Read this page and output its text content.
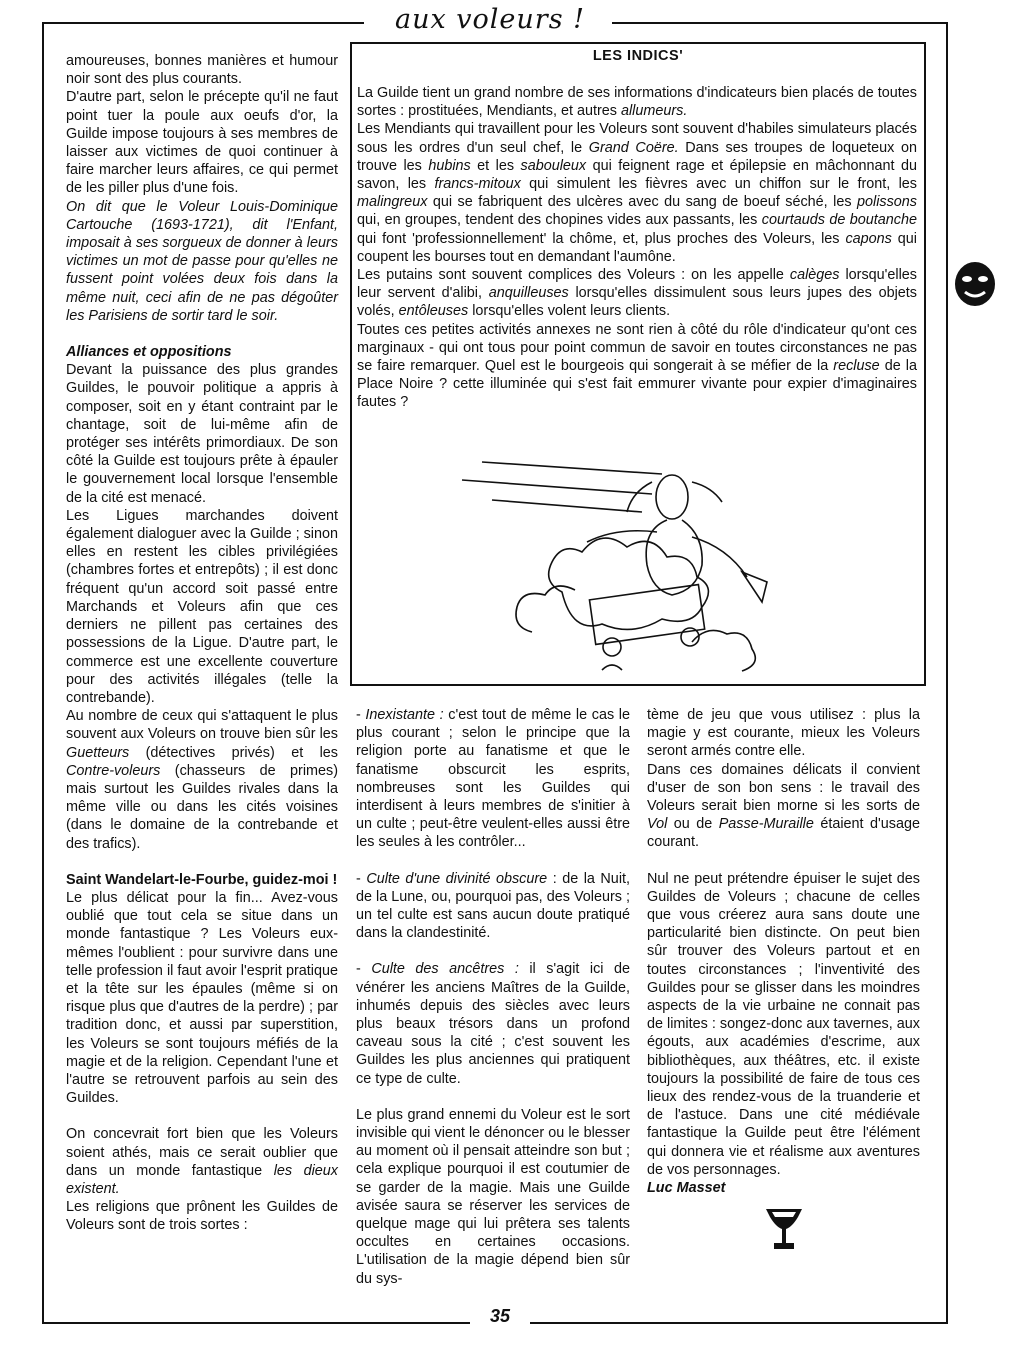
aux voleurs !
35

amoureuses, bonnes manières et humour noir sont des plus courants.

D'autre part, selon le précepte qu'il ne faut point tuer la poule aux oeufs d'or, la Guilde impose toujours à ses membres de laisser aux victimes de quoi continuer à faire marcher leurs affaires, ce qui permet de les piller plus d'une fois.

On dit que le Voleur Louis-Dominique Cartouche (1693-1721), dit l'Enfant, imposait à ses sorgueux de donner à leurs victimes un mot de passe pour qu'elles ne fussent point volées deux fois dans la même nuit, ceci afin de ne pas dégoûter les Parisiens de sortir tard le soir.

Alliances et oppositions

Devant la puissance des plus grandes Guildes, le pouvoir politique a appris à composer, soit en y étant contraint par le chantage, soit de lui-même afin de protéger ses intérêts primordiaux. De son côté la Guilde est toujours prête à épauler le gouvernement local lorsque l'ensemble de la cité est menacé.

Les Ligues marchandes doivent également dialoguer avec la Guilde ; sinon elles en restent les cibles privilégiées (chambres fortes et entrepôts) ; il est donc fréquent qu'un accord soit passé entre Marchands et Voleurs afin que ces derniers ne pillent pas certaines des possessions de la Ligue. D'autre part, le commerce est une excellente couverture pour des activités illégales (telle la contrebande).

Au nombre de ceux qui s'attaquent le plus souvent aux Voleurs on trouve bien sûr les Guetteurs (détectives privés) et les Contre-voleurs (chasseurs de primes) mais surtout les Guildes rivales dans la même ville ou dans les cités voisines (dans le domaine de la contrebande et des trafics).

Saint Wandelart-le-Fourbe, guidez-moi !

Le plus délicat pour la fin... Avez-vous oublié que tout cela se situe dans un monde fantastique ? Les Voleurs eux-mêmes l'oublient : pour survivre dans une telle profession il faut avoir l'esprit pratique et la tête sur les épaules (même si on risque plus que d'autres de la perdre) ; par tradition donc, et aussi par superstition, les Voleurs se sont toujours méfiés de la magie et de la religion. Cependant l'une et l'autre se retrouvent parfois au sein des Guildes.

On concevrait fort bien que les Voleurs soient athés, mais ce serait oublier que dans un monde fantastique les dieux existent.

Les religions que prônent les Guildes de Voleurs sont de trois sortes :

LES INDICS'

La Guilde tient un grand nombre de ses informations d'indicateurs bien placés de toutes sortes : prostituées, Mendiants, et autres allumeurs.

Les Mendiants qui travaillent pour les Voleurs sont souvent d'habiles simulateurs placés sous les ordres d'un seul chef, le Grand Coëre. Dans ses troupes de loqueteux on trouve les hubins et les sabouleux qui feignent rage et épilepsie en mâchonnant du savon, les francs-mitoux qui simulent les fièvres avec un chiffon sur le front, les malingreux qui se fabriquent des ulcères avec du sang de boeuf séché, les polissons qui, en groupes, tendent des chopines vides aux passants, les courtauds de boutanche qui font 'professionnellement' la chôme, et, plus proches des Voleurs, les capons qui coupent les bourses tout en demandant l'aumône.

Les putains sont souvent complices des Voleurs : on les appelle calèges lorsqu'elles leur servent d'alibi, anquilleuses lorsqu'elles dissimulent sous leurs jupes des objets volés, entôleuses lorsqu'elles volent leurs clients.

Toutes ces petites activités annexes ne sont rien à côté du rôle d'indicateur qu'ont ces marginaux - qui ont tous pour point commun de savoir en toutes circonstances ne pas se faire remarquer. Quel est le bourgeois qui songerait à se méfier de la recluse de la Place Noire ? cette illuminée qui s'est fait emmurer vivante pour expier d'imaginaires fautes ?

- Inexistante : c'est tout de même le cas le plus courant ; selon le principe que la religion porte au fanatisme et que le fanatisme obscurcit les esprits, nombreuses sont les Guildes qui interdisent à leurs membres de s'initier à un culte ; peut-être veulent-elles aussi être les seules à les contrôler...

- Culte d'une divinité obscure : de la Nuit, de la Lune, ou, pourquoi pas, des Voleurs ; un tel culte est sans aucun doute pratiqué dans la clandestinité.

- Culte des ancêtres : il s'agit ici de vénérer les anciens Maîtres de la Guilde, inhumés depuis des siècles avec leurs plus beaux trésors dans un profond caveau sous la cité ; c'est souvent les Guildes les plus anciennes qui pratiquent ce type de culte.

Le plus grand ennemi du Voleur est le sort invisible qui vient le dénoncer ou le blesser au moment où il pensait atteindre son but ; cela explique pourquoi il est coutumier de se garder de la magie. Mais une Guilde avisée saura se réserver les services de quelque mage qui lui prêtera ses talents occultes en certaines occasions. L'utilisation de la magie dépend bien sûr du sys-

tème de jeu que vous utilisez : plus la magie y est courante, mieux les Voleurs seront armés contre elle.

Dans ces domaines délicats il convient d'user de son bon sens : le travail des Voleurs serait bien morne si les sorts de Vol ou de Passe-Muraille étaient d'usage courant.

Nul ne peut prétendre épuiser le sujet des Guildes de Voleurs ; chacune de celles que vous créerez aura sans doute une particularité bien distincte. On peut bien sûr trouver des Voleurs partout et en toutes circonstances ; l'inventivité des Guildes pour se glisser dans les moindres aspects de la vie urbaine ne connait pas de limites : songez-donc aux tavernes, aux égouts, aux académies d'escrime, aux bibliothèques, aux théâtres, etc. il existe toujours la possibilité de faire de tous ces lieux des rendez-vous de la truanderie et de l'astuce. Dans une cité médiévale fantastique la Guilde peut être l'élément qui donnera vie et réalisme aux aventures de vos personnages.

Luc Masset
